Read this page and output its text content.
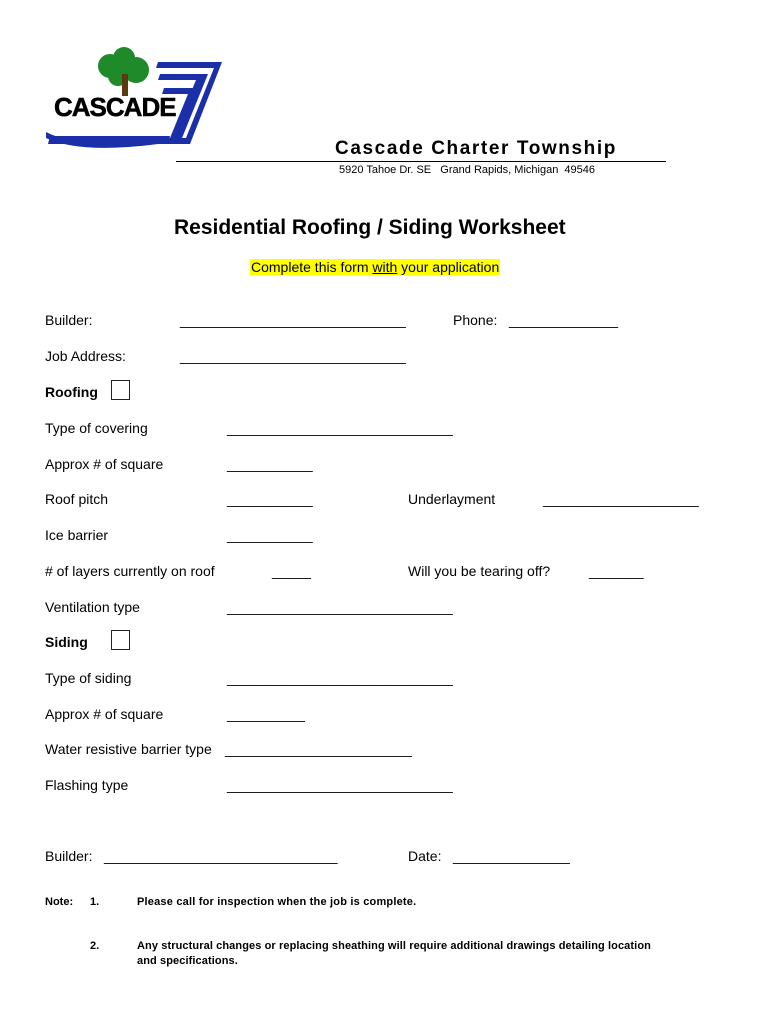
CASCADE
Cascade Charter Township
5920 Tahoe Dr. SE   Grand Rapids, Michigan  49546
Residential Roofing / Siding Worksheet
Complete this form with your application
Builder:	_____________________________	Phone: ______________
Job Address:	_____________________________
Roofing
Type of covering	_____________________________
Approx # of square	___________
Roof pitch	___________	Underlayment	____________________
Ice barrier	___________
# of layers currently on roof	_____	Will you be tearing off?	_______
Ventilation type	_____________________________
Siding
Type of siding	_____________________________
Approx # of square	__________
Water resistive barrier type ________________________
Flashing type	_____________________________
Builder: ______________________________	Date: _______________
Note: 1.	Please call for inspection when the job is complete.
2.	Any structural changes or replacing sheathing will require additional drawings detailing location
and specifications.
